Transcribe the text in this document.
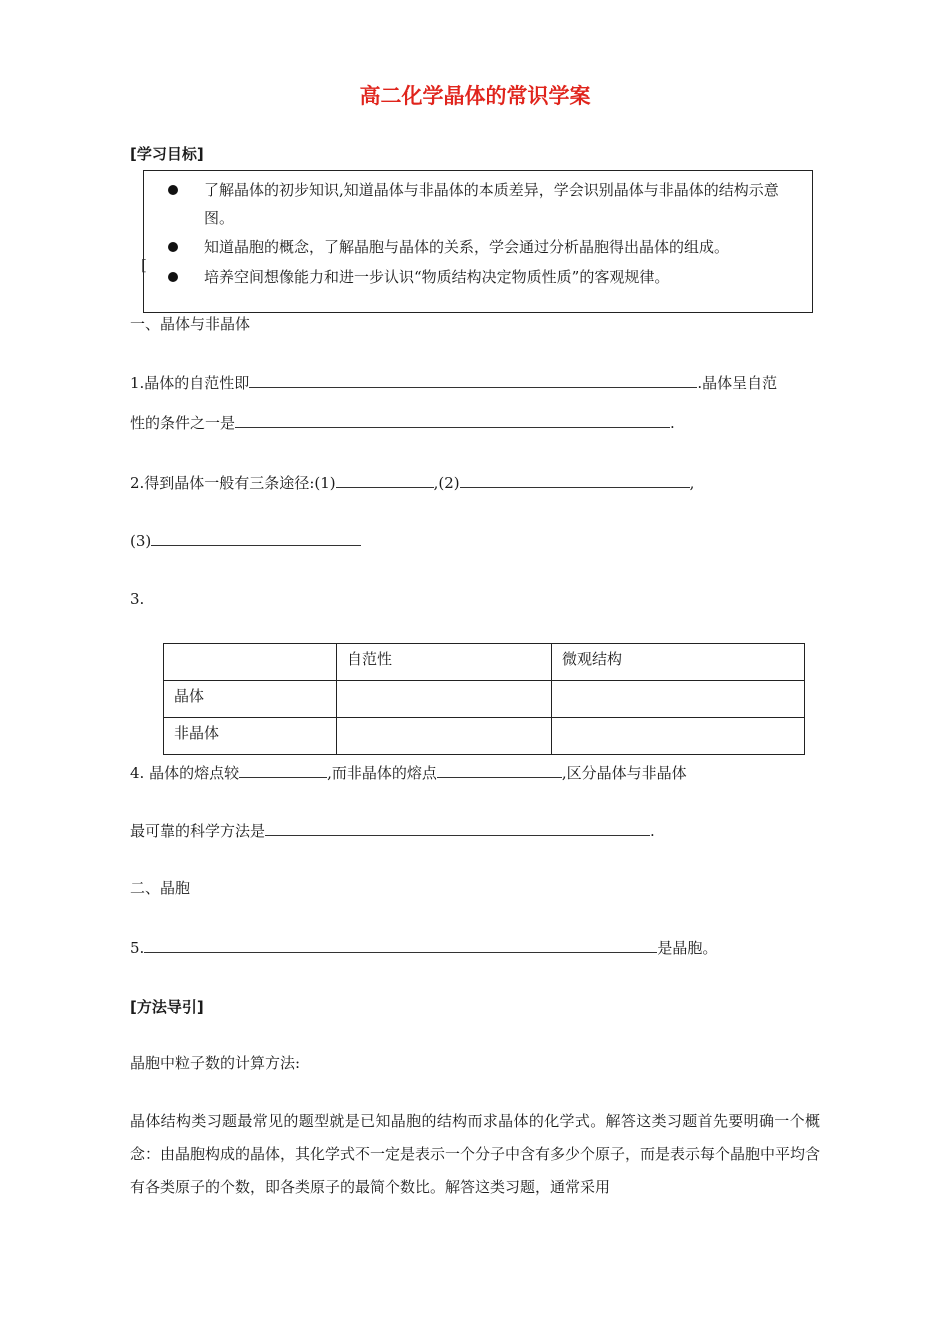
高二化学晶体的常识学案
[学习目标]
[
了解晶体的初步知识,知道晶体与非晶体的本质差异，学会识别晶体与非晶体的结构示意图。
知道晶胞的概念，了解晶胞与晶体的关系，学会通过分析晶胞得出晶体的组成。
培养空间想像能力和进一步认识“物质结构决定物质性质”的客观规律。
一、晶体与非晶体
1.晶体的自范性即	.晶体呈自范
性的条件之一是	.
2.得到晶体一般有三条途径:(1)	,(2)	,
(3)
3.
	自范性	微观结构
晶体		
非晶体		
4. 晶体的熔点较	,而非晶体的熔点	,区分晶体与非晶体
最可靠的科学方法是	.
二、晶胞
5.	是晶胞。
[方法导引]
晶胞中粒子数的计算方法:
晶体结构类习题最常见的题型就是已知晶胞的结构而求晶体的化学式。解答这类习题首先要明确一个概念：由晶胞构成的晶体，其化学式不一定是表示一个分子中含有多少个原子，而是表示每个晶胞中平均含有各类原子的个数，即各类原子的最简个数比。解答这类习题，通常采用
